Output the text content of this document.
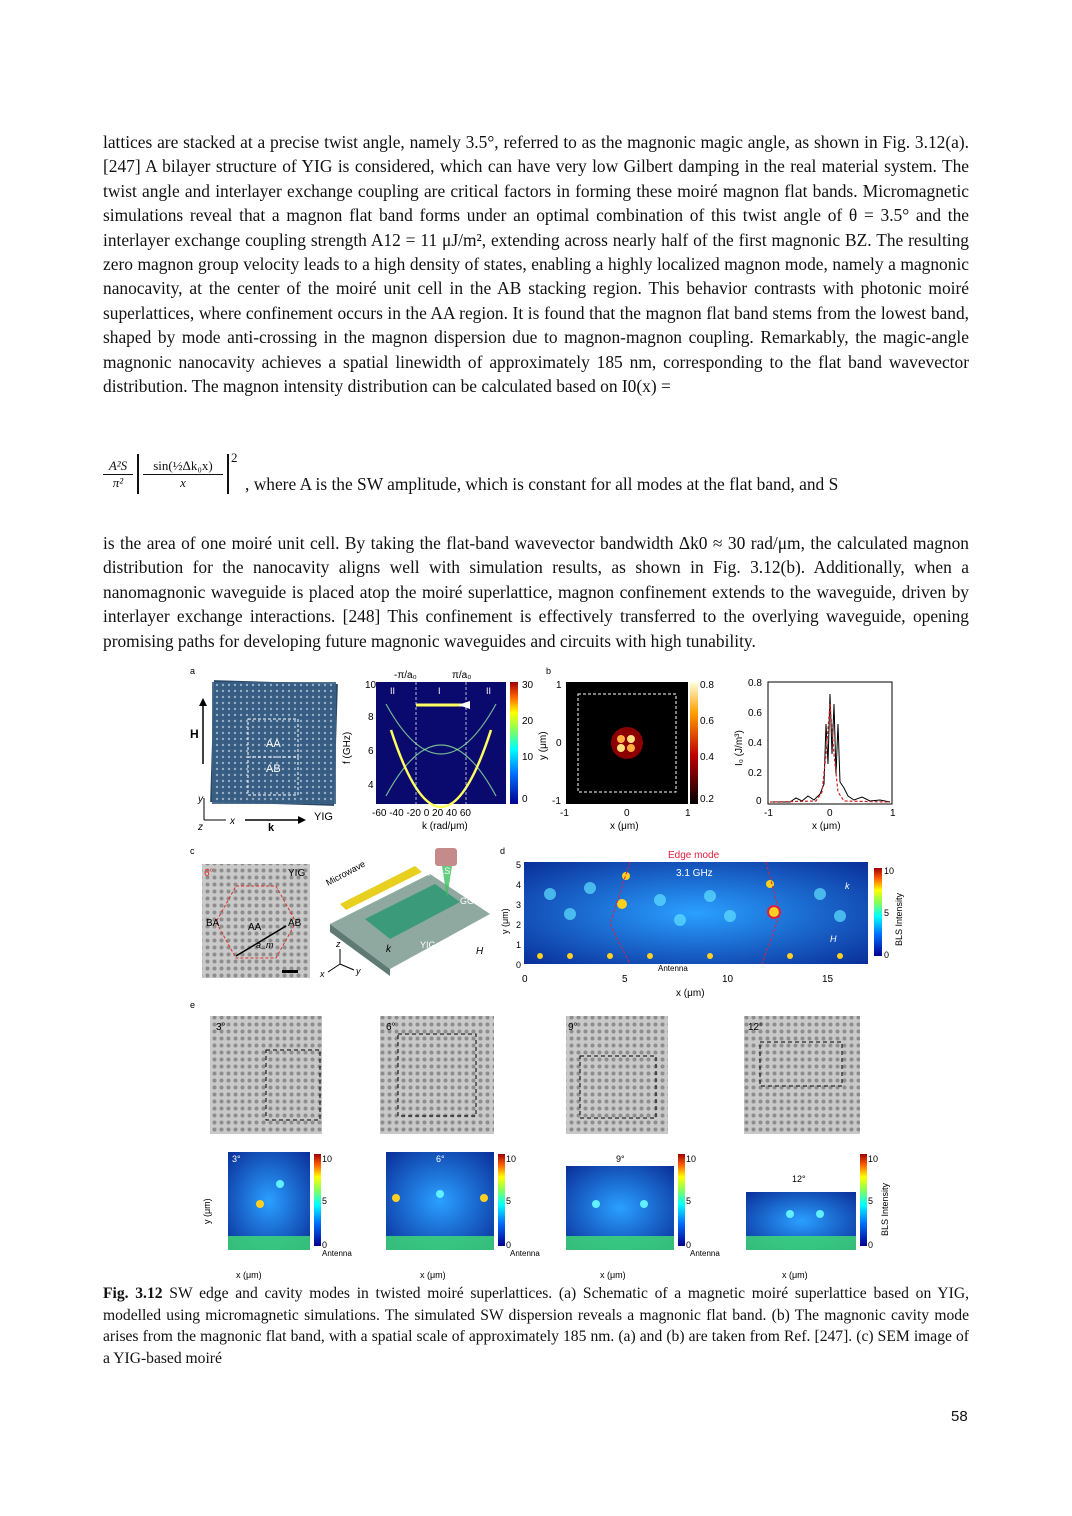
lattices are stacked at a precise twist angle, namely 3.5°, referred to as the magnonic magic angle, as shown in Fig. 3.12(a). [247] A bilayer structure of YIG is considered, which can have very low Gilbert damping in the real material system. The twist angle and interlayer exchange coupling are critical factors in forming these moiré magnon flat bands. Micromagnetic simulations reveal that a magnon flat band forms under an optimal combination of this twist angle of θ = 3.5° and the interlayer exchange coupling strength A12 = 11 μJ/m², extending across nearly half of the first magnonic BZ. The resulting zero magnon group velocity leads to a high density of states, enabling a highly localized magnon mode, namely a magnonic nanocavity, at the center of the moiré unit cell in the AB stacking region. This behavior contrasts with photonic moiré superlattices, where confinement occurs in the AA region. It is found that the magnon flat band stems from the lowest band, shaped by mode anti-crossing in the magnon dispersion due to magnon-magnon coupling. Remarkably, the magic-angle magnonic nanocavity achieves a spatial linewidth of approximately 185 nm, corresponding to the flat band wavevector distribution. The magnon intensity distribution can be calculated based on I0(x) =
$\frac{\text{A²S}}{\text{π²}} \frac{\text{sin(½Δk₀x)}}{x}$
2
, where A is the SW amplitude, which is constant for all modes at the flat band, and S
is the area of one moiré unit cell. By taking the flat-band wavevector bandwidth Δk0 ≈ 30 rad/μm, the calculated magnon distribution for the nanocavity aligns well with simulation results, as shown in Fig. 3.12(b). Additionally, when a nanomagnonic waveguide is placed atop the moiré superlattice, magnon confinement extends to the waveguide, driven by interlayer exchange interactions. [248] This confinement is effectively transferred to the overlying waveguide, opening promising paths for developing future magnonic waveguides and circuits with high tunability.
a
AA
AB
H
k
y
x
z
YIG
II	I	II
-π/a₀	π/a₀
10
8
6
4
f (GHz)
-60 -40 -20 0 20 40 60
k (rad/μm)
30
20
10
0
b
1
0
-1
y (μm)
-1	0	1
x (μm)
0.8
0.6
0.4
0.2
0.8
0.6
0.4
0.2
0
I₀ (J/m³)
-1	0	1
x (μm)
c
6°	YIG
BA	AA	AB
a_m
μBLS
GGG
YIG
Microwave
k	H
z
x	y
d	Edge mode
3.1 GHz
k
H
5
4
3
2
1
0
y (μm)
Antenna
0	5	10	15
x (μm)
10
5
0
BLS Intensity
e
3°	6°	9°	12°
3°	10
5
0
y (μm)
Antenna
x (μm)
6°	10
5
0
Antenna
x (μm)
9°	10
5
0
Antenna
x (μm)
12°
10
5
0
BLS Intensity
x (μm)
Fig. 3.12 SW edge and cavity modes in twisted moiré superlattices. (a) Schematic of a magnetic moiré superlattice based on YIG, modelled using micromagnetic simulations. The simulated SW dispersion reveals a magnonic flat band. (b) The magnonic cavity mode arises from the magnonic flat band, with a spatial scale of approximately 185 nm. (a) and (b) are taken from Ref. [247]. (c) SEM image of a YIG-based moiré
58
